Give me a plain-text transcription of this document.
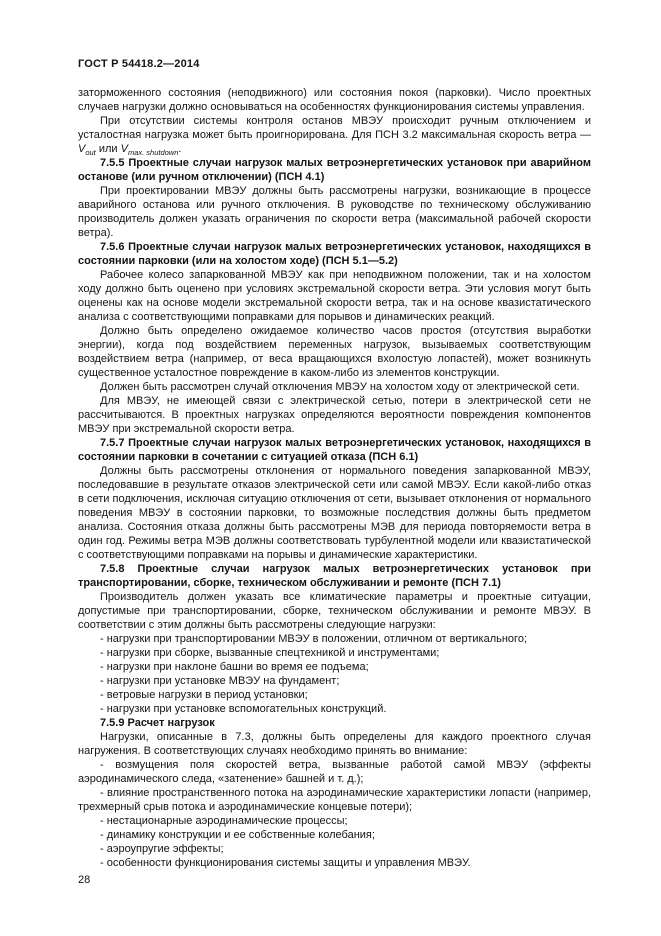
ГОСТ Р 54418.2—2014

заторможенного состояния (неподвижного) или состояния покоя (парковки). Число проектных случаев нагрузки должно основываться на особенностях функционирования системы управления.

При отсутствии системы контроля останов МВЭУ происходит ручным отключением и усталостная нагрузка может быть проигнорирована. Для ПСН 3.2 максимальная скорость ветра — $V_{out}$ или $V_{max. shutdown}$.

7.5.5 Проектные случаи нагрузок малых ветроэнергетических установок при аварийном останове (или ручном отключении) (ПСН 4.1)

При проектировании МВЭУ должны быть рассмотрены нагрузки, возникающие в процессе аварийного останова или ручного отключения. В руководстве по техническому обслуживанию производитель должен указать ограничения по скорости ветра (максимальной рабочей скорости ветра).

7.5.6 Проектные случаи нагрузок малых ветроэнергетических установок, находящихся в состоянии парковки (или на холостом ходе) (ПСН 5.1—5.2)

Рабочее колесо запаркованной МВЭУ как при неподвижном положении, так и на холостом ходу должно быть оценено при условиях экстремальной скорости ветра. Эти условия могут быть оценены как на основе модели экстремальной скорости ветра, так и на основе квазистатического анализа с соответствующими поправками для порывов и динамических реакций.

Должно быть определено ожидаемое количество часов простоя (отсутствия выработки энергии), когда под воздействием переменных нагрузок, вызываемых соответствующим воздействием ветра (например, от веса вращающихся вхолостую лопастей), может возникнуть существенное усталостное повреждение в каком-либо из элементов конструкции.

Должен быть рассмотрен случай отключения МВЭУ на холостом ходу от электрической сети.

Для МВЭУ, не имеющей связи с электрической сетью, потери в электрической сети не рассчитываются. В проектных нагрузках определяются вероятности повреждения компонентов МВЭУ при экстремальной скорости ветра.

7.5.7 Проектные случаи нагрузок малых ветроэнергетических установок, находящихся в состоянии парковки в сочетании с ситуацией отказа (ПСН 6.1)

Должны быть рассмотрены отклонения от нормального поведения запаркованной МВЭУ, последовавшие в результате отказов электрической сети или самой МВЭУ. Если какой-либо отказ в сети подключения, исключая ситуацию отключения от сети, вызывает отклонения от нормального поведения МВЭУ в состоянии парковки, то возможные последствия должны быть предметом анализа. Состояния отказа должны быть рассмотрены МЭВ для периода повторяемости ветра в один год. Режимы ветра МЭВ должны соответствовать турбулентной модели или квазистатической с соответствующими поправками на порывы и динамические характеристики.

7.5.8 Проектные случаи нагрузок малых ветроэнергетических установок при транспортировании, сборке, техническом обслуживании и ремонте (ПСН 7.1)

Производитель должен указать все климатические параметры и проектные ситуации, допустимые при транспортировании, сборке, техническом обслуживании и ремонте МВЭУ. В соответствии с этим должны быть рассмотрены следующие нагрузки:

- нагрузки при транспортировании МВЭУ в положении, отличном от вертикального;

- нагрузки при сборке, вызванные спецтехникой и инструментами;

- нагрузки при наклоне башни во время ее подъема;

- нагрузки при установке МВЭУ на фундамент;

- ветровые нагрузки в период установки;

- нагрузки при установке вспомогательных конструкций.

7.5.9 Расчет нагрузок

Нагрузки, описанные в 7.3, должны быть определены для каждого проектного случая нагружения. В соответствующих случаях необходимо принять во внимание:

- возмущения поля скоростей ветра, вызванные работой самой МВЭУ (эффекты аэродинамического следа, «затенение» башней и т. д.);

- влияние пространственного потока на аэродинамические характеристики лопасти (например, трехмерный срыв потока и аэродинамические концевые потери);

- нестационарные аэродинамические процессы;

- динамику конструкции и ее собственные колебания;

- аэроупругие эффекты;

- особенности функционирования системы защиты и управления МВЭУ.

28
